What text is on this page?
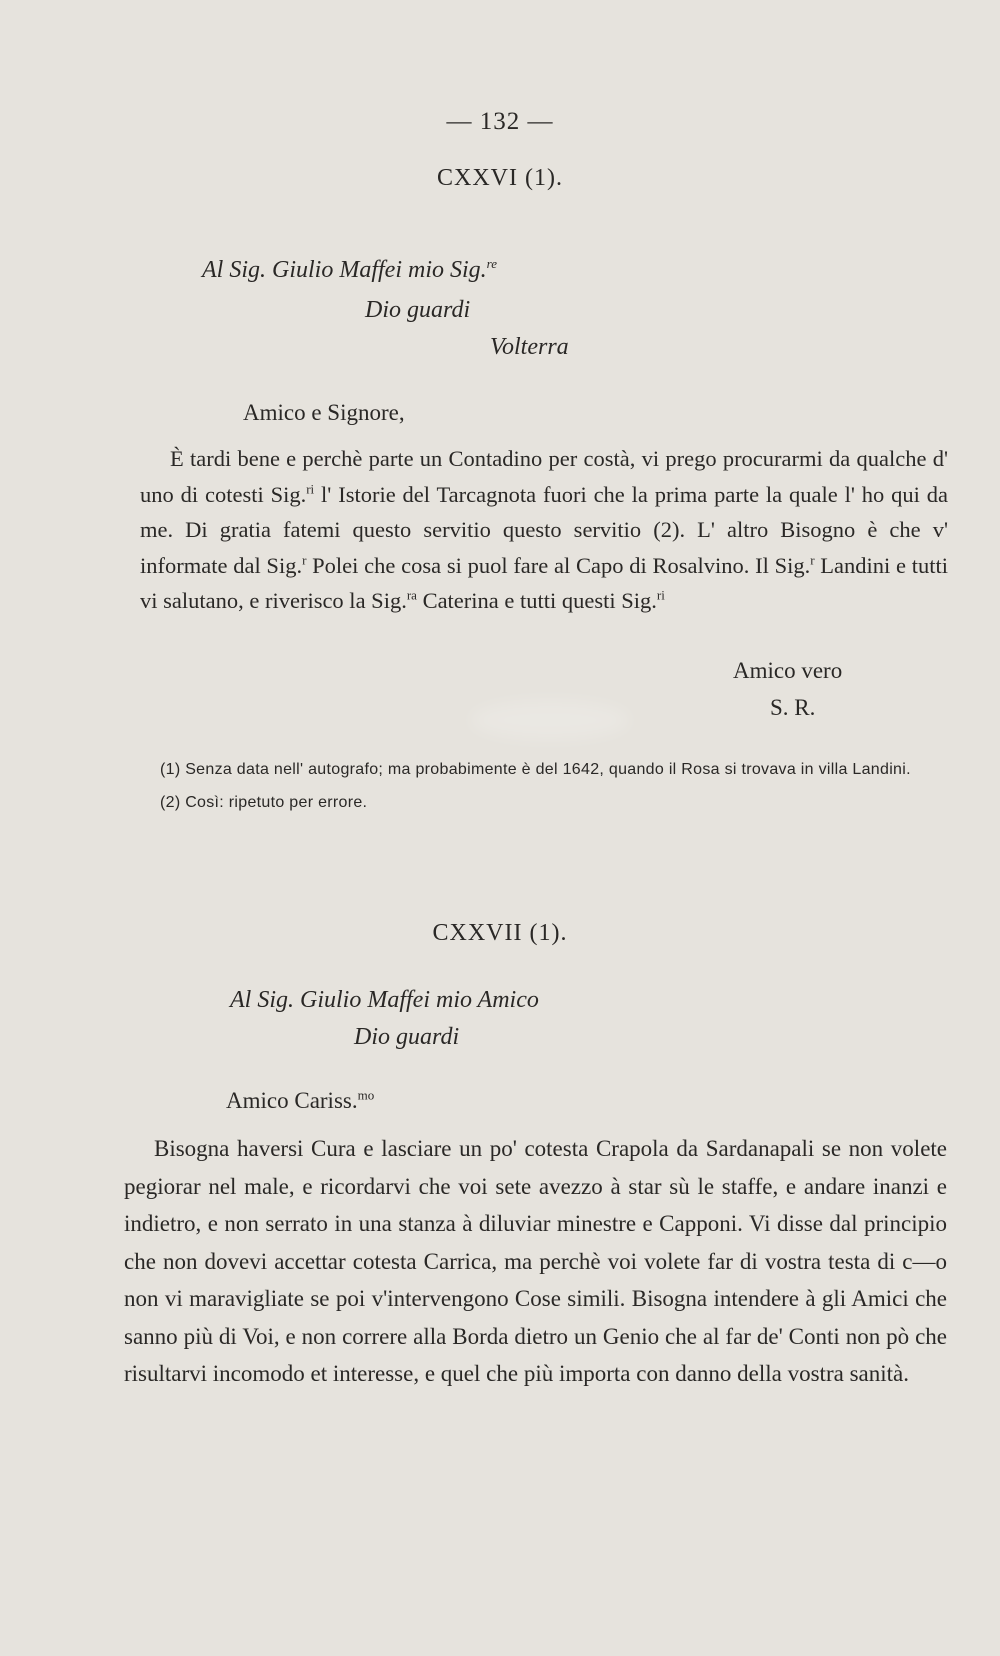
— 132 —
CXXVI (1).
Al Sig. Giulio Maffei mio Sig.$^{re}$
Dio guardi
Volterra
Amico e Signore,

È tardi bene e perchè parte un Contadino per costà, vi prego procurarmi da qualche d' uno di cotesti Sig.$^{ri}$ l' Istorie del Tarcagnota fuori che la prima parte la quale l' ho qui da me. Di gratia fatemi questo servitio questo servitio (2). L' altro Bisogno è che v' informate dal Sig.$^r$ Polei che cosa si puol fare al Capo di Rosalvino. Il Sig.$^r$ Landini e tutti vi salutano, e riverisco la Sig.$^{ra}$ Caterina e tutti questi Sig.$^{ri}$

Amico vero
S. R.

(1) Senza data nell' autografo; ma probabimente è del 1642, quando il Rosa si trovava in villa Landini.

(2) Così: ripetuto per errore.

CXXVII (1).
Al Sig. Giulio Maffei mio Amico
Dio guardi
Amico Cariss.$^{mo}$

Bisogna haversi Cura e lasciare un po' cotesta Crapola da Sardanapali se non volete pegiorar nel male, e ricordarvi che voi sete avezzo à star sù le staffe, e andare inanzi e indietro, e non serrato in una stanza à diluviar minestre e Capponi. Vi disse dal principio che non dovevi accettar cotesta Carrica, ma perchè voi volete far di vostra testa di c—o non vi maravigliate se poi v'intervengono Cose simili. Bisogna intendere à gli Amici che sanno più di Voi, e non correre alla Borda dietro un Genio che al far de' Conti non pò che risultarvi incomodo et interesse, e quel che più importa con danno della vostra sanità.
